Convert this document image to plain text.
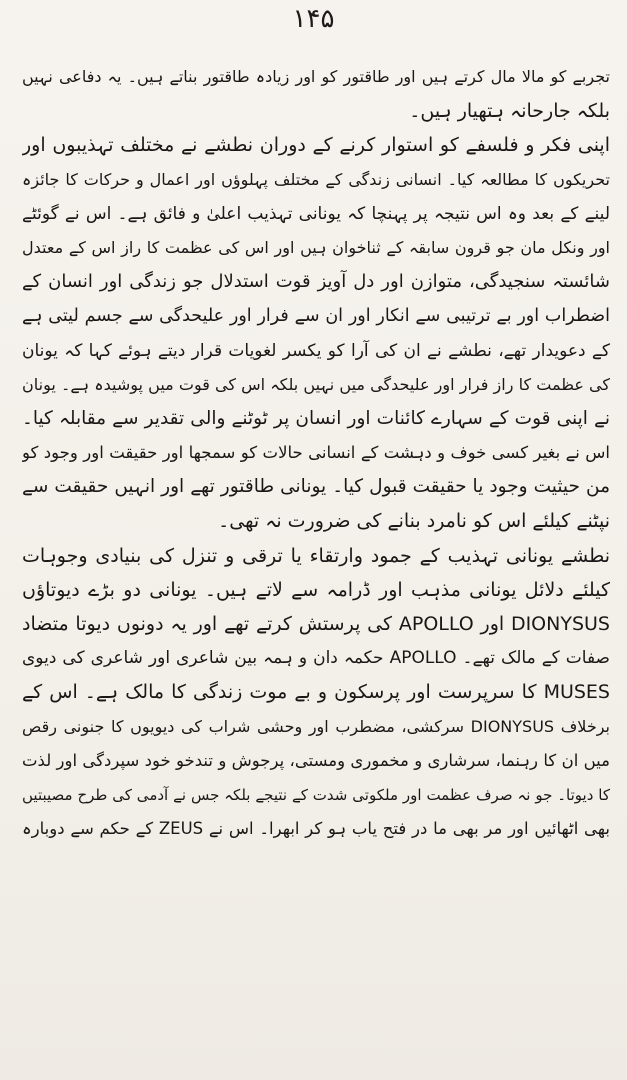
۱۴۵
تجربے کو مالا مال کرتے ہیں اور طاقتور کو اور زیادہ طاقتور بناتے ہیں۔ یہ دفاعی نہیں
بلکہ جارحانہ ہتھیار ہیں۔
اپنی فکر و فلسفے کو استوار کرنے کے دوران نطشے نے مختلف تہذیبوں اور
تحریکوں کا مطالعہ کیا۔ انسانی زندگی کے مختلف پہلوؤں اور اعمال و حرکات کا جائزہ
لینے کے بعد وہ اس نتیجہ پر پہنچا کہ یونانی تہذیب اعلیٰ و فائق ہے۔ اس نے گوئٹے
اور ونکل مان جو قرون سابقہ کے ثناخوان ہیں اور اس کی عظمت کا راز اس کے معتدل
شائستہ سنجیدگی، متوازن اور دل آویز قوت استدلال جو زندگی اور انسان کے
اضطراب اور بے ترتیبی سے انکار اور ان سے فرار اور علیحدگی سے جسم لیتی ہے
کے دعویدار تھے، نطشے نے ان کی آرا کو یکسر لغویات قرار دیتے ہوئے کہا کہ یونان
کی عظمت کا راز فرار اور علیحدگی میں نہیں بلکہ اس کی قوت میں پوشیدہ ہے۔ یونان
نے اپنی قوت کے سہارے کائنات اور انسان پر ٹوٹنے والی تقدیر سے مقابلہ کیا۔
اس نے بغیر کسی خوف و دہشت کے انسانی حالات کو سمجھا اور حقیقت اور وجود کو
من حیثیت وجود یا حقیقت قبول کیا۔ یونانی طاقتور تھے اور انہیں حقیقت سے
نپٹنے کیلئے اس کو نامرد بنانے کی ضرورت نہ تھی۔
نطشے یونانی تہذیب کے جمود وارتقاء یا ترقی و تنزل کی بنیادی وجوہات
کیلئے دلائل یونانی مذہب اور ڈرامہ سے لاتے ہیں۔ یونانی دو بڑے دیوتاؤں
DIONYSUS اور APOLLO کی پرستش کرتے تھے اور یہ دونوں دیوتا متضاد
صفات کے مالک تھے۔ APOLLO حکمہ دان و ہمہ بین شاعری اور شاعری کی دیوی
MUSES کا سرپرست اور پرسکون و بے موت زندگی کا مالک ہے۔ اس کے
برخلاف DIONYSUS سرکشی، مضطرب اور وحشی شراب کی دیویوں کا جنونی رقص
میں ان کا رہنما، سرشاری و مخموری ومستی، پرجوش و تندخو خود سپردگی اور لذت
کا دیوتا۔ جو نہ صرف عظمت اور ملکوتی شدت کے نتیجے بلکہ جس نے آدمی کی طرح مصیبتیں
بھی اٹھائیں اور مر بھی ما در فتح یاب ہو کر ابھرا۔ اس نے ZEUS کے حکم سے دوبارہ
